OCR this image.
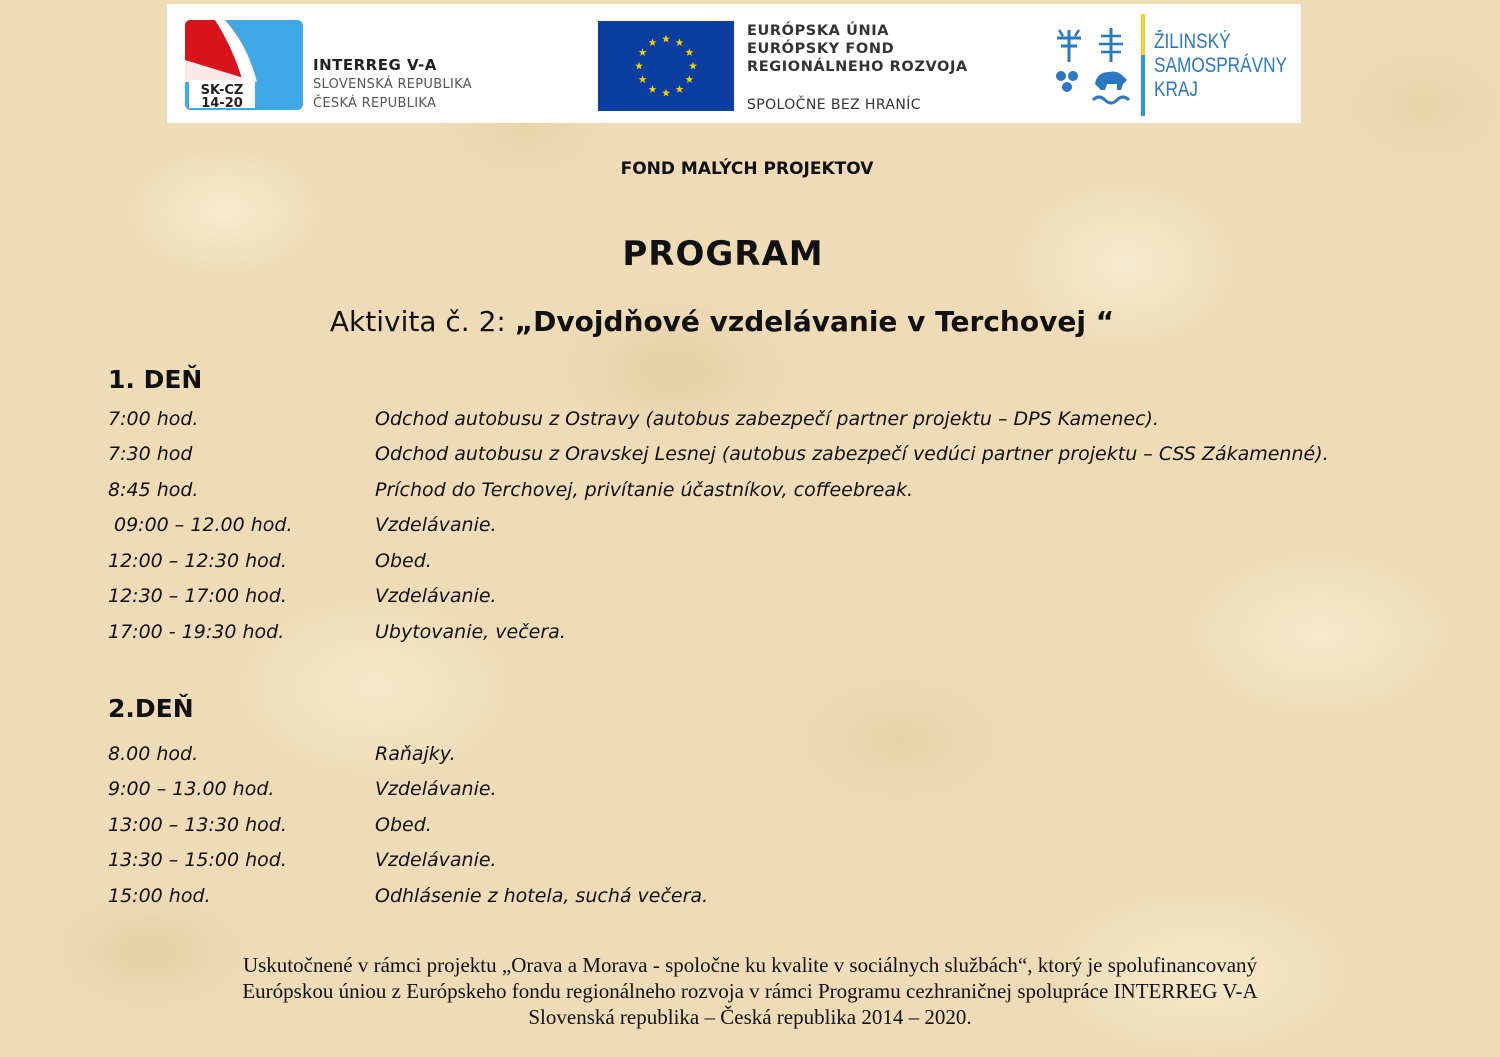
SK-CZ
14-20
INTERREG V-A
SLOVENSKÁ REPUBLIKA
ČESKÁ REPUBLIKA
EURÓPSKA ÚNIA
EURÓPSKY FOND
REGIONÁLNEHO ROZVOJA
SPOLOČNE BEZ HRANÍC
ŽILINSKÝ
SAMOSPRÁVNY
KRAJ
FOND MALÝCH PROJEKTOV
PROGRAM
Aktivita č. 2: „Dvojdňové vzdelávanie v Terchovej “
1. DEŇ
7:00 hod.	Odchod autobusu z Ostravy (autobus zabezpečí partner projektu – DPS Kamenec).
7:30 hod	Odchod autobusu z Oravskej Lesnej (autobus zabezpečí vedúci partner projektu – CSS Zákamenné).
8:45 hod.	Príchod do Terchovej, privítanie účastníkov, coffeebreak.
09:00 – 12.00 hod.	Vzdelávanie.
12:00 – 12:30 hod.	Obed.
12:30 – 17:00 hod.	Vzdelávanie.
17:00 - 19:30 hod.	Ubytovanie, večera.
2.DEŇ
8.00 hod.	Raňajky.
9:00 – 13.00 hod.	Vzdelávanie.
13:00 – 13:30 hod.	Obed.
13:30 – 15:00 hod.	Vzdelávanie.
15:00 hod.	Odhlásenie z hotela, suchá večera.
Uskutočnené v rámci projektu „Orava a Morava - spoločne ku kvalite v sociálnych službách“, ktorý je spolufinancovaný
Európskou úniou z Európskeho fondu regionálneho rozvoja v rámci Programu cezhraničnej spolupráce INTERREG V-A
Slovenská republika – Česká republika 2014 – 2020.
